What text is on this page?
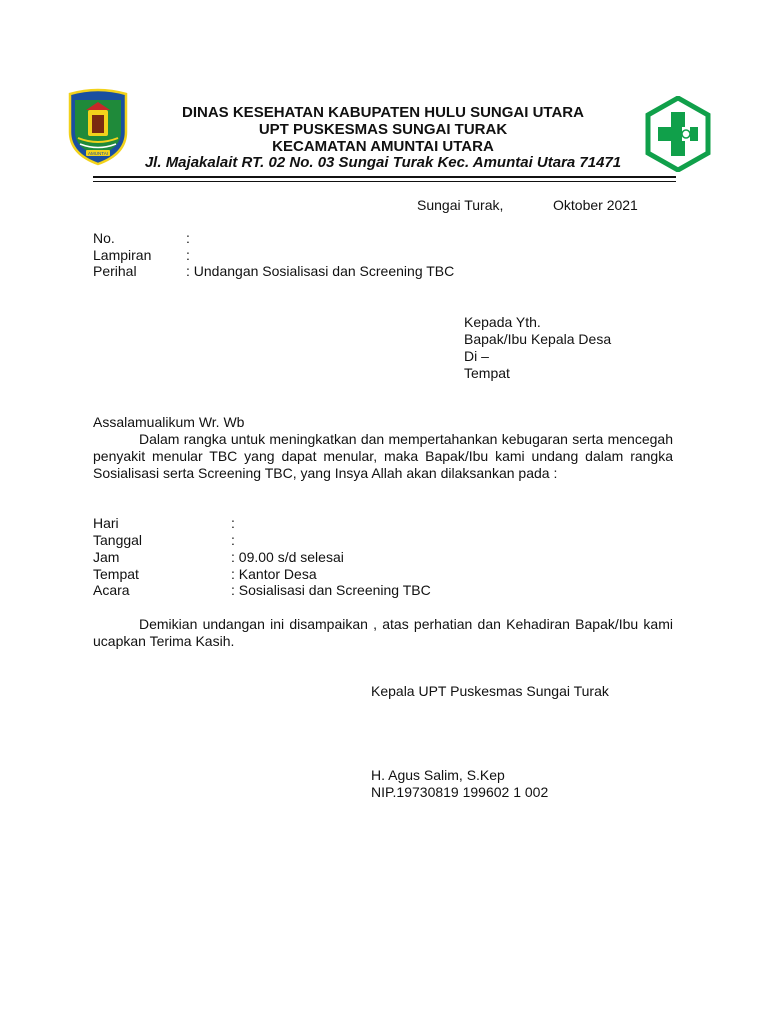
AMUNTAI
DINAS KESEHATAN KABUPATEN HULU SUNGAI UTARA
UPT PUSKESMAS SUNGAI TURAK
KECAMATAN AMUNTAI UTARA
Jl. Majakalait RT. 02 No. 03 Sungai Turak Kec. Amuntai Utara 71471
Sungai Turak,	Oktober 2021
No.	:
Lampiran :
Perihal	: Undangan Sosialisasi dan Screening TBC
Kepada Yth.
Bapak/Ibu Kepala Desa
Di –
Tempat
Assalamualikum Wr. Wb
Dalam rangka untuk meningkatkan dan mempertahankan kebugaran serta mencegah penyakit menular TBC yang dapat menular, maka Bapak/Ibu kami undang dalam rangka Sosialisasi serta Screening TBC, yang Insya Allah akan dilaksankan pada :
Hari	:
Tanggal	:
Jam	: 09.00 s/d selesai
Tempat	: Kantor Desa
Acara	: Sosialisasi dan Screening TBC
Demikian undangan ini disampaikan , atas perhatian dan Kehadiran Bapak/Ibu kami ucapkan Terima Kasih.
Kepala UPT Puskesmas Sungai Turak
H. Agus Salim, S.Kep
NIP.19730819 199602 1 002
